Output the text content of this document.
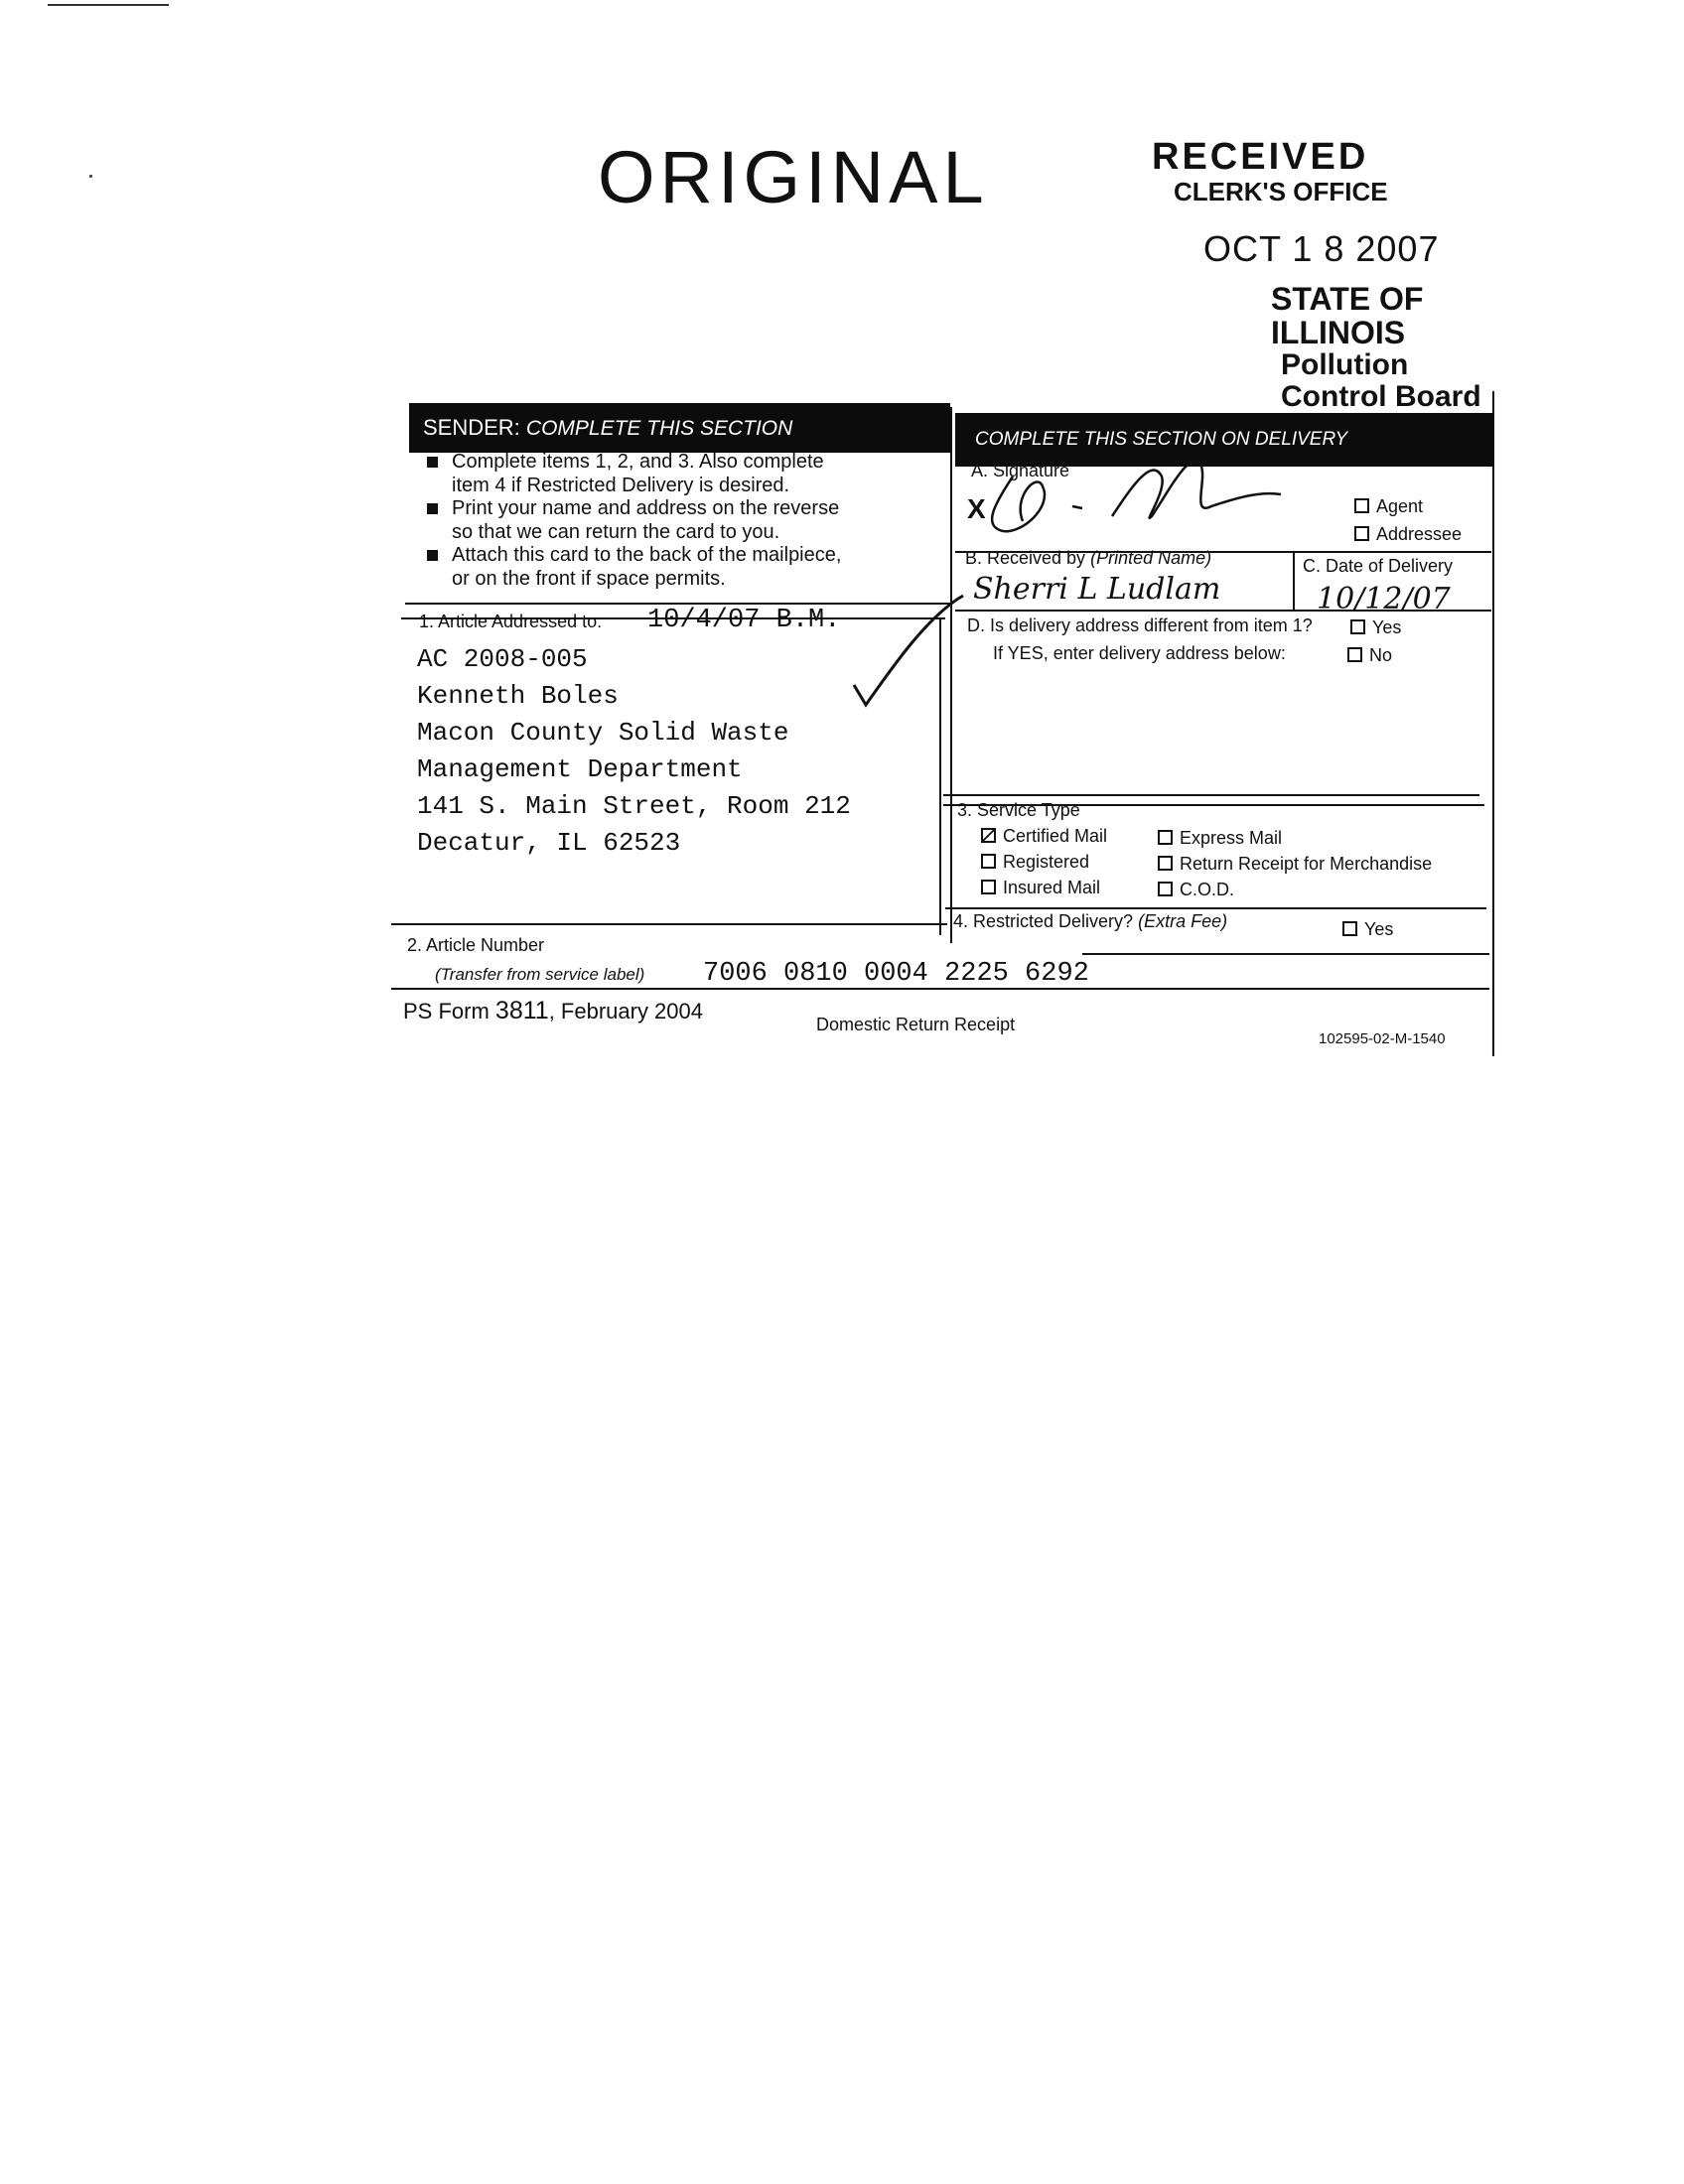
ORIGINAL	RECEIVED
CLERK'S OFFICE
OCT 1 8 2007
STATE OF ILLINOIS
Pollution Control Board
SENDER: COMPLETE THIS SECTION	COMPLETE THIS SECTION ON DELIVERY
Complete items 1, 2, and 3. Also complete
item 4 if Restricted Delivery is desired.
Print your name and address on the reverse
so that we can return the card to you.
Attach this card to the back of the mailpiece,
or on the front if space permits.
1. Article Addressed to: 10/4/07 B.M.
AC 2008-005
Kenneth Boles
Macon County Solid Waste
Management Department
141 S. Main Street, Room 212
Decatur, IL 62523
A. Signature
X	Agent
Addressee
B. Received by (Printed Name)
Sherri L Ludlam
C. Date of Delivery
10/12/07
D. Is delivery address different from item 1?
If YES, enter delivery address below:
Yes
No
3. Service Type
Certified Mail	Express Mail
Registered	Return Receipt for Merchandise
Insured Mail	C.O.D.
4. Restricted Delivery? (Extra Fee)	Yes
2. Article Number
(Transfer from service label) 7006 0810 0004 2225 6292
PS Form 3811, February 2004
Domestic Return Receipt
102595-02-M-1540
